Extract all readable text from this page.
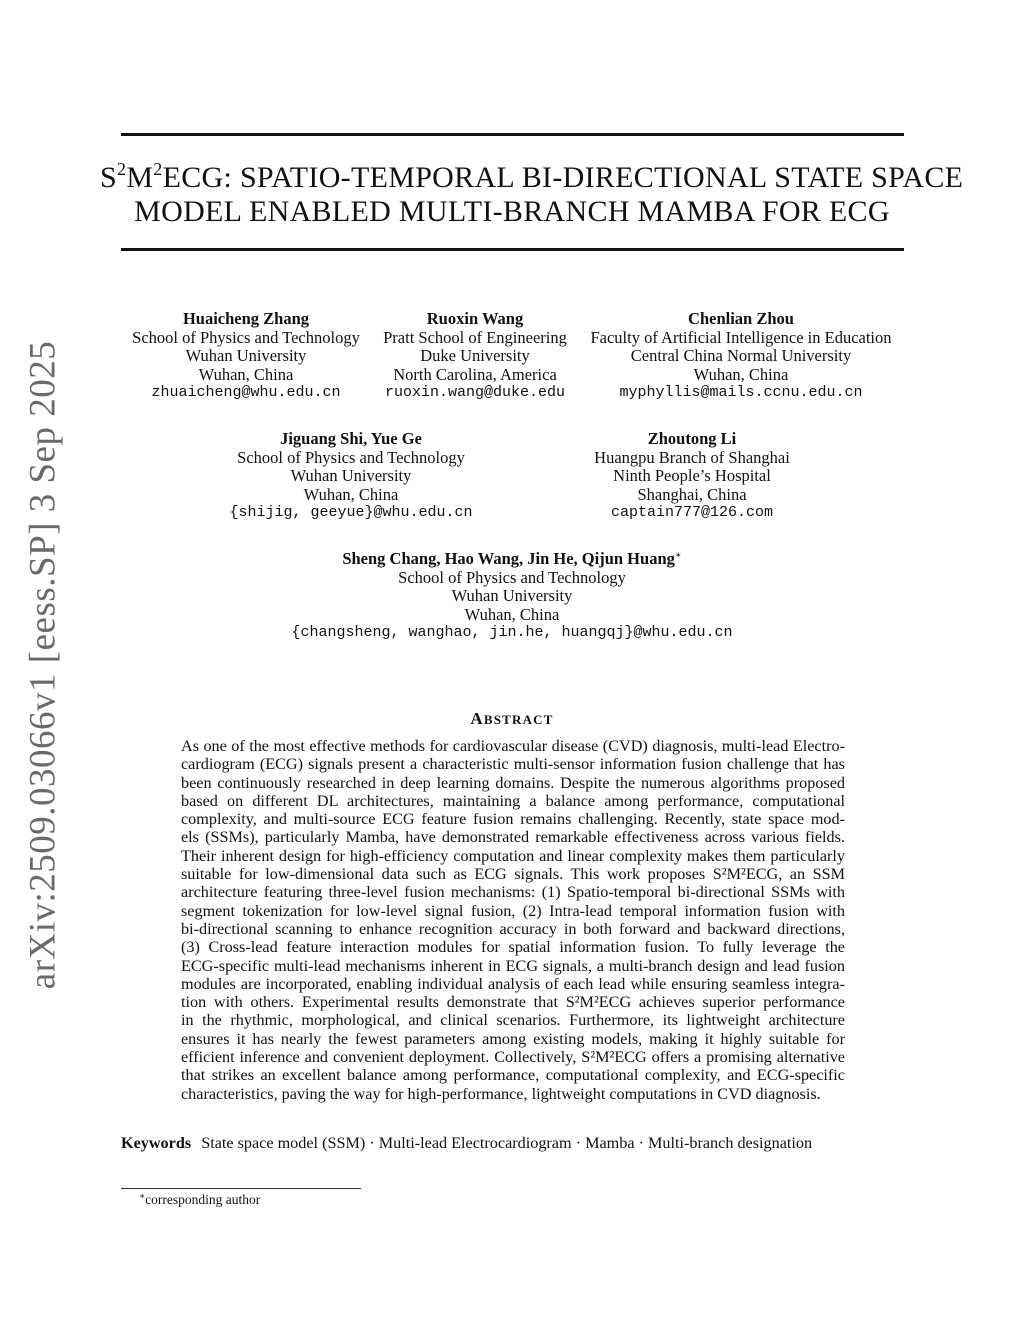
arXiv:2509.03066v1 [eess.SP] 3 Sep 2025
$S^2M^2ECG$: SPATIO-TEMPORAL BI-DIRECTIONAL STATE SPACE
MODEL ENABLED MULTI-BRANCH MAMBA FOR ECG
Huaicheng Zhang
School of Physics and Technology
Wuhan University
Wuhan, China
zhuaicheng@whu.edu.cn
Ruoxin Wang
Pratt School of Engineering
Duke University
North Carolina, America
ruoxin.wang@duke.edu
Chenlian Zhou
Faculty of Artificial Intelligence in Education
Central China Normal University
Wuhan, China
myphyllis@mails.ccnu.edu.cn
Jiguang Shi, Yue Ge
School of Physics and Technology
Wuhan University
Wuhan, China
{shijig, geeyue}@whu.edu.cn
Zhoutong Li
Huangpu Branch of Shanghai
Ninth People’s Hospital
Shanghai, China
captain777@126.com
Sheng Chang, Hao Wang, Jin He, Qijun Huang∗
School of Physics and Technology
Wuhan University
Wuhan, China
{changsheng, wanghao, jin.he, huangqj}@whu.edu.cn
ABSTRACT
As one of the most effective methods for cardiovascular disease (CVD) diagnosis, multi-lead Electro-
cardiogram (ECG) signals present a characteristic multi-sensor information fusion challenge that has
been continuously researched in deep learning domains. Despite the numerous algorithms proposed
based on different DL architectures, maintaining a balance among performance, computational
complexity, and multi-source ECG feature fusion remains challenging. Recently, state space mod-
els (SSMs), particularly Mamba, have demonstrated remarkable effectiveness across various fields.
Their inherent design for high-efficiency computation and linear complexity makes them particularly
suitable for low-dimensional data such as ECG signals. This work proposes S²M²ECG, an SSM
architecture featuring three-level fusion mechanisms: (1) Spatio-temporal bi-directional SSMs with
segment tokenization for low-level signal fusion, (2) Intra-lead temporal information fusion with
bi-directional scanning to enhance recognition accuracy in both forward and backward directions,
(3) Cross-lead feature interaction modules for spatial information fusion. To fully leverage the
ECG-specific multi-lead mechanisms inherent in ECG signals, a multi-branch design and lead fusion
modules are incorporated, enabling individual analysis of each lead while ensuring seamless integra-
tion with others. Experimental results demonstrate that S²M²ECG achieves superior performance
in the rhythmic, morphological, and clinical scenarios. Furthermore, its lightweight architecture
ensures it has nearly the fewest parameters among existing models, making it highly suitable for
efficient inference and convenient deployment. Collectively, S²M²ECG offers a promising alternative
that strikes an excellent balance among performance, computational complexity, and ECG-specific
characteristics, paving the way for high-performance, lightweight computations in CVD diagnosis.
Keywords State space model (SSM) · Multi-lead Electrocardiogram · Mamba · Multi-branch designation
∗corresponding author
